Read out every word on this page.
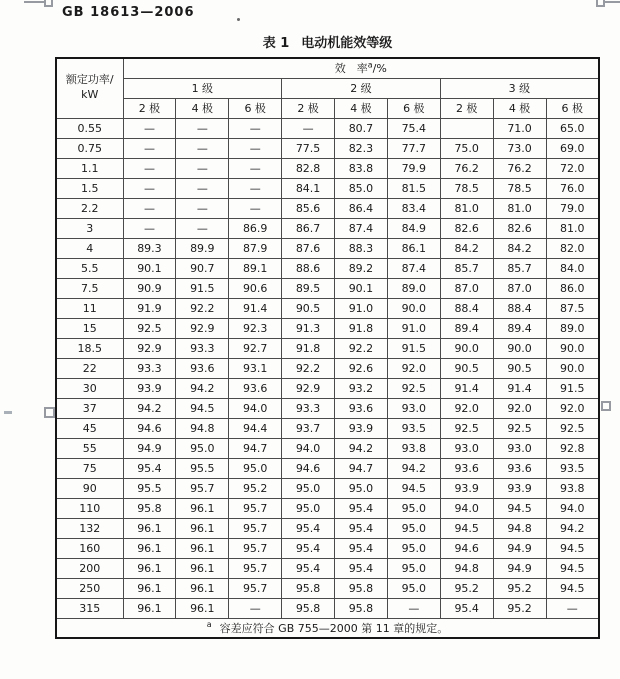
GB 18613—2006
表 1 电动机能效等级
额定功率/
kW	效　率$^a$/%								
	1 级			2 级			3 级		
	2 极	4 极	6 极	2 极	4 极	6 极	2 极	4 极	6 极
0.55	—	—	—	—	80.7	75.4		71.0	65.0
0.75	—	—	—	77.5	82.3	77.7	75.0	73.0	69.0
1.1	—	—	—	82.8	83.8	79.9	76.2	76.2	72.0
1.5	—	—	—	84.1	85.0	81.5	78.5	78.5	76.0
2.2	—	—	—	85.6	86.4	83.4	81.0	81.0	79.0
3	—	—	86.9	86.7	87.4	84.9	82.6	82.6	81.0
4	89.3	89.9	87.9	87.6	88.3	86.1	84.2	84.2	82.0
5.5	90.1	90.7	89.1	88.6	89.2	87.4	85.7	85.7	84.0
7.5	90.9	91.5	90.6	89.5	90.1	89.0	87.0	87.0	86.0
11	91.9	92.2	91.4	90.5	91.0	90.0	88.4	88.4	87.5
15	92.5	92.9	92.3	91.3	91.8	91.0	89.4	89.4	89.0
18.5	92.9	93.3	92.7	91.8	92.2	91.5	90.0	90.0	90.0
22	93.3	93.6	93.1	92.2	92.6	92.0	90.5	90.5	90.0
30	93.9	94.2	93.6	92.9	93.2	92.5	91.4	91.4	91.5
37	94.2	94.5	94.0	93.3	93.6	93.0	92.0	92.0	92.0
45	94.6	94.8	94.4	93.7	93.9	93.5	92.5	92.5	92.5
55	94.9	95.0	94.7	94.0	94.2	93.8	93.0	93.0	92.8
75	95.4	95.5	95.0	94.6	94.7	94.2	93.6	93.6	93.5
90	95.5	95.7	95.2	95.0	95.0	94.5	93.9	93.9	93.8
110	95.8	96.1	95.7	95.0	95.4	95.0	94.0	94.5	94.0
132	96.1	96.1	95.7	95.4	95.4	95.0	94.5	94.8	94.2
160	96.1	96.1	95.7	95.4	95.4	95.0	94.6	94.9	94.5
200	96.1	96.1	95.7	95.4	95.4	95.0	94.8	94.9	94.5
250	96.1	96.1	95.7	95.8	95.8	95.0	95.2	95.2	94.5
315	96.1	96.1	—	95.8	95.8	—	95.4	95.2	—
$^a$ 容差应符合 GB 755—2000 第 11 章的规定。									
